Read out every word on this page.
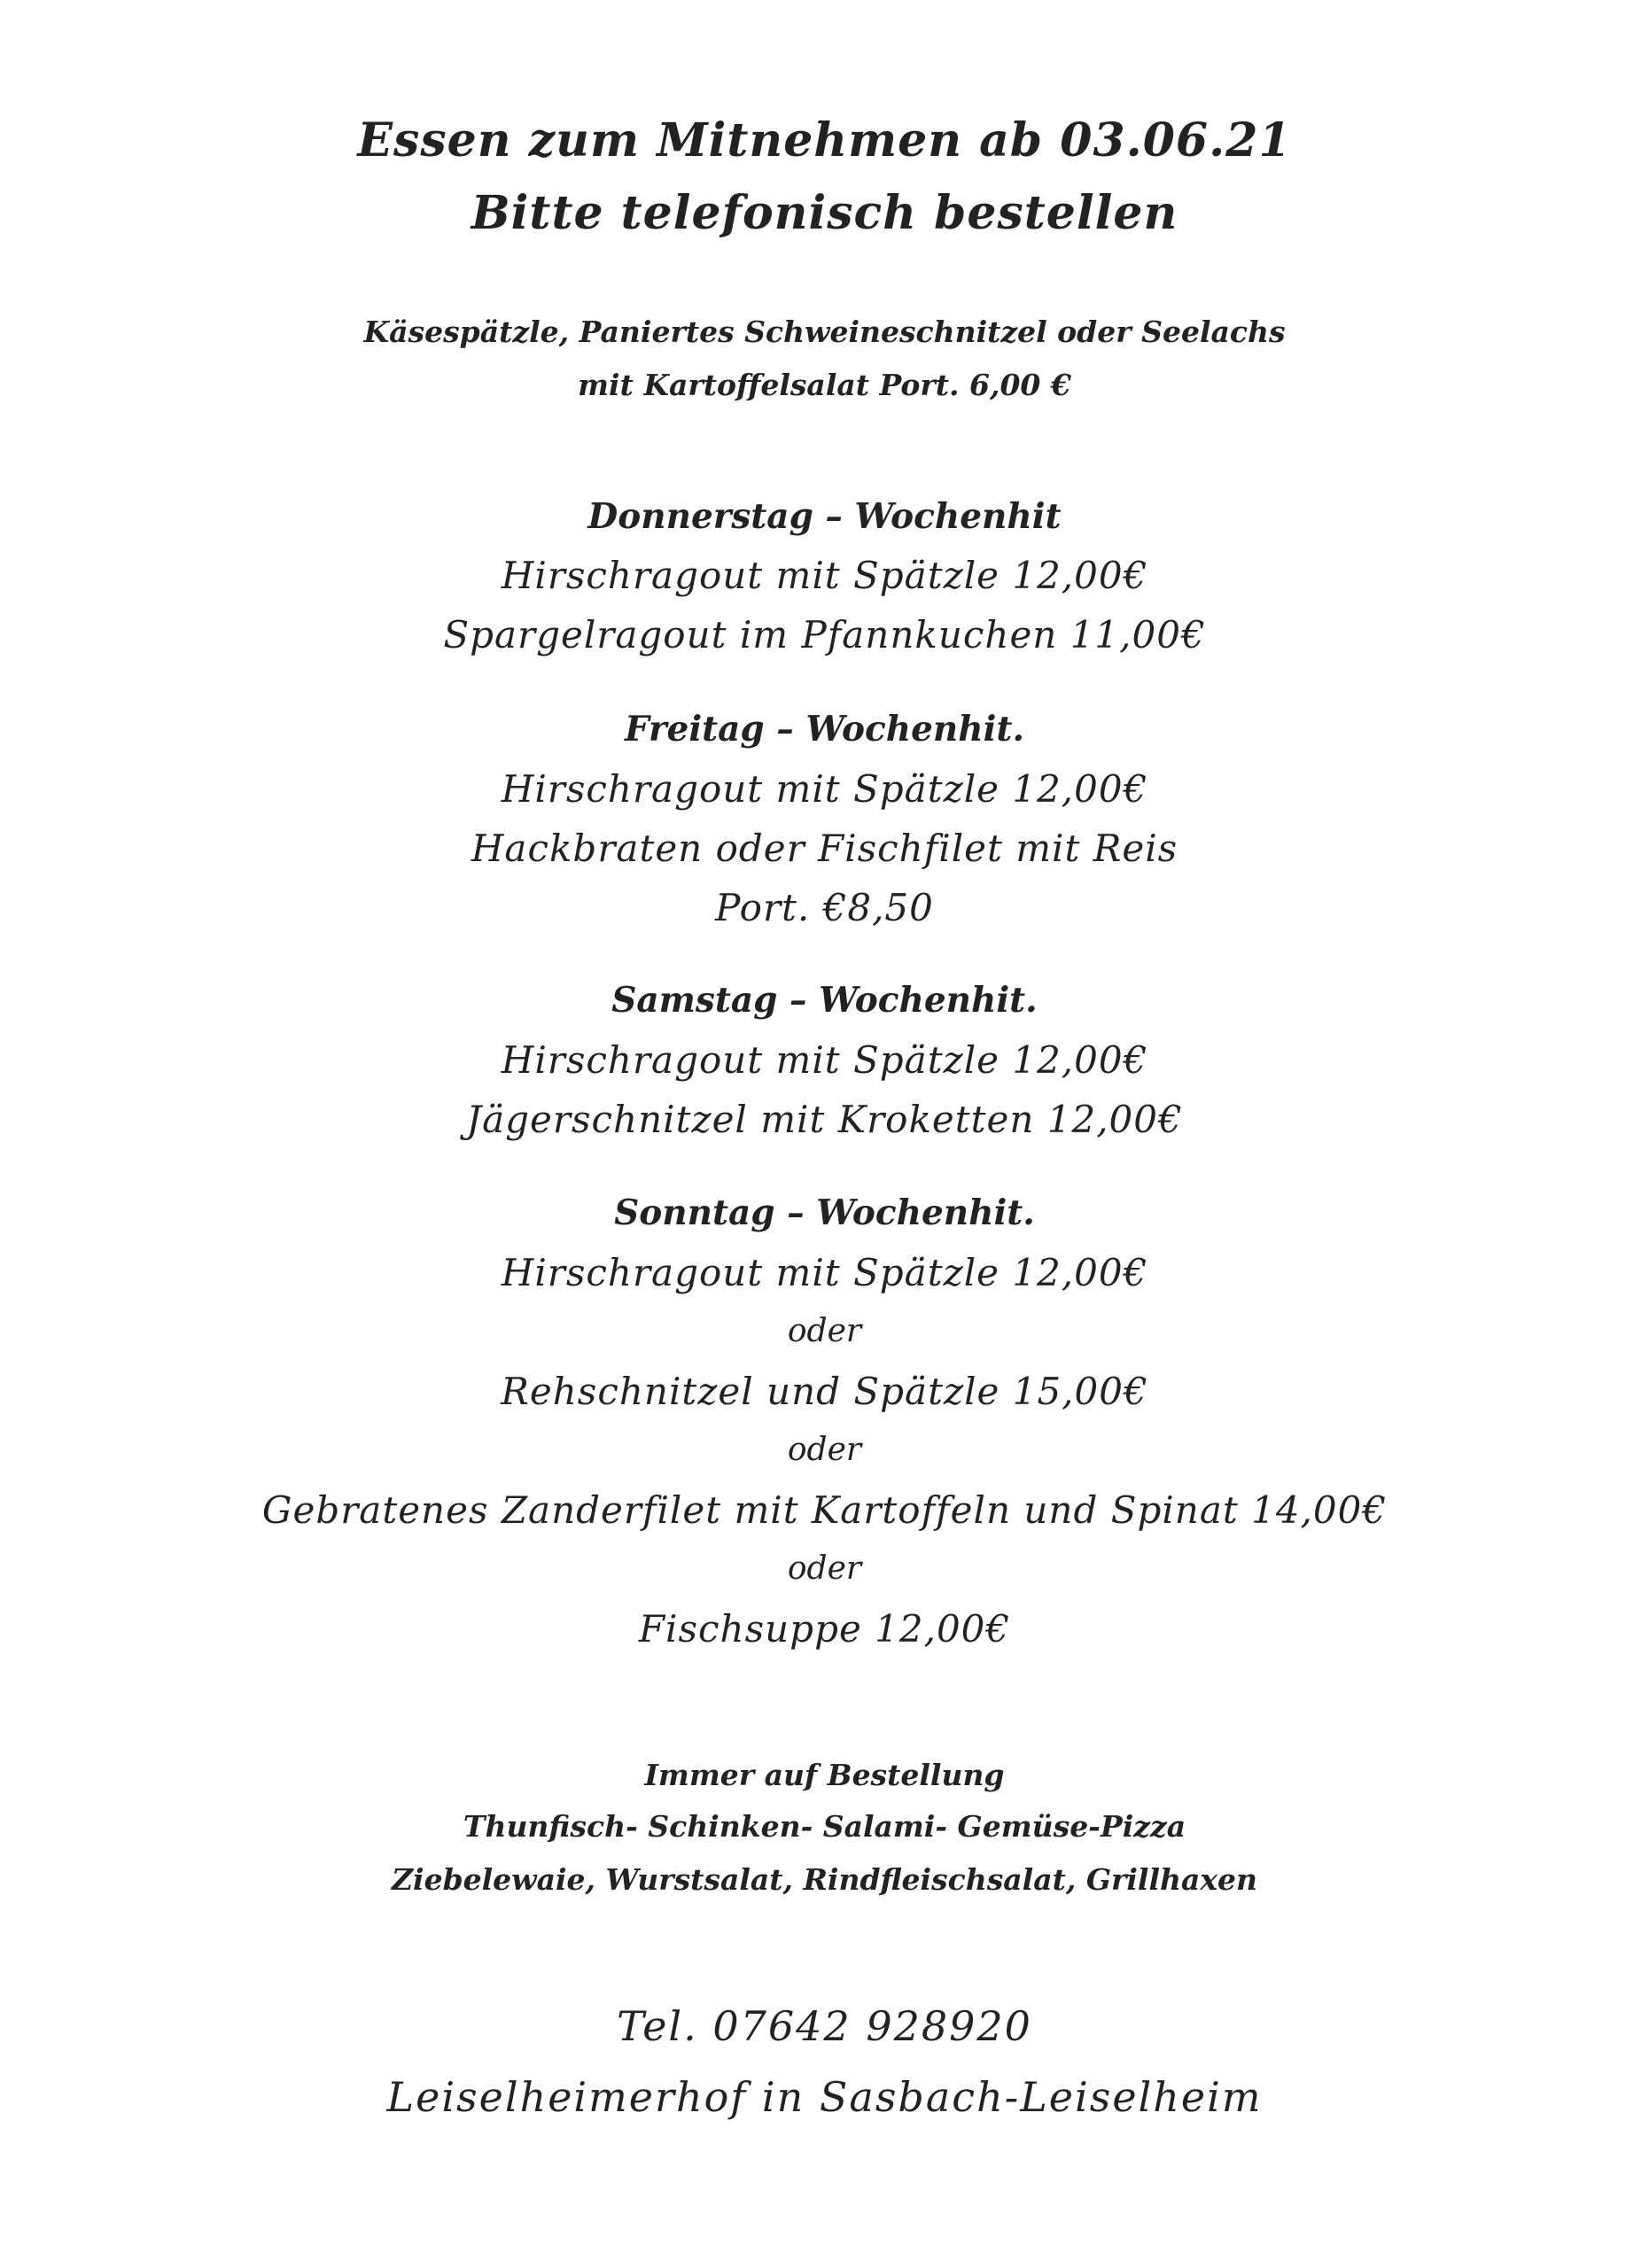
Essen zum Mitnehmen ab 03.06.21
Bitte telefonisch bestellen
Käsespätzle, Paniertes Schweineschnitzel oder Seelachs
mit Kartoffelsalat Port. 6,00 €
Donnerstag – Wochenhit
Hirschragout mit Spätzle 12,00€
Spargelragout im Pfannkuchen 11,00€
Freitag – Wochenhit.
Hirschragout mit Spätzle 12,00€
Hackbraten oder Fischfilet mit Reis
Port. €8,50
Samstag – Wochenhit.
Hirschragout mit Spätzle 12,00€
Jägerschnitzel mit Kroketten 12,00€
Sonntag – Wochenhit.
Hirschragout mit Spätzle 12,00€
oder
Rehschnitzel und Spätzle 15,00€
oder
Gebratenes Zanderfilet mit Kartoffeln und Spinat 14,00€
oder
Fischsuppe 12,00€
Immer auf Bestellung
Thunfisch- Schinken- Salami- Gemüse-Pizza
Ziebelewaie, Wurstsalat, Rindfleischsalat, Grillhaxen
Tel. 07642 928920
Leiselheimerhof in Sasbach-Leiselheim
